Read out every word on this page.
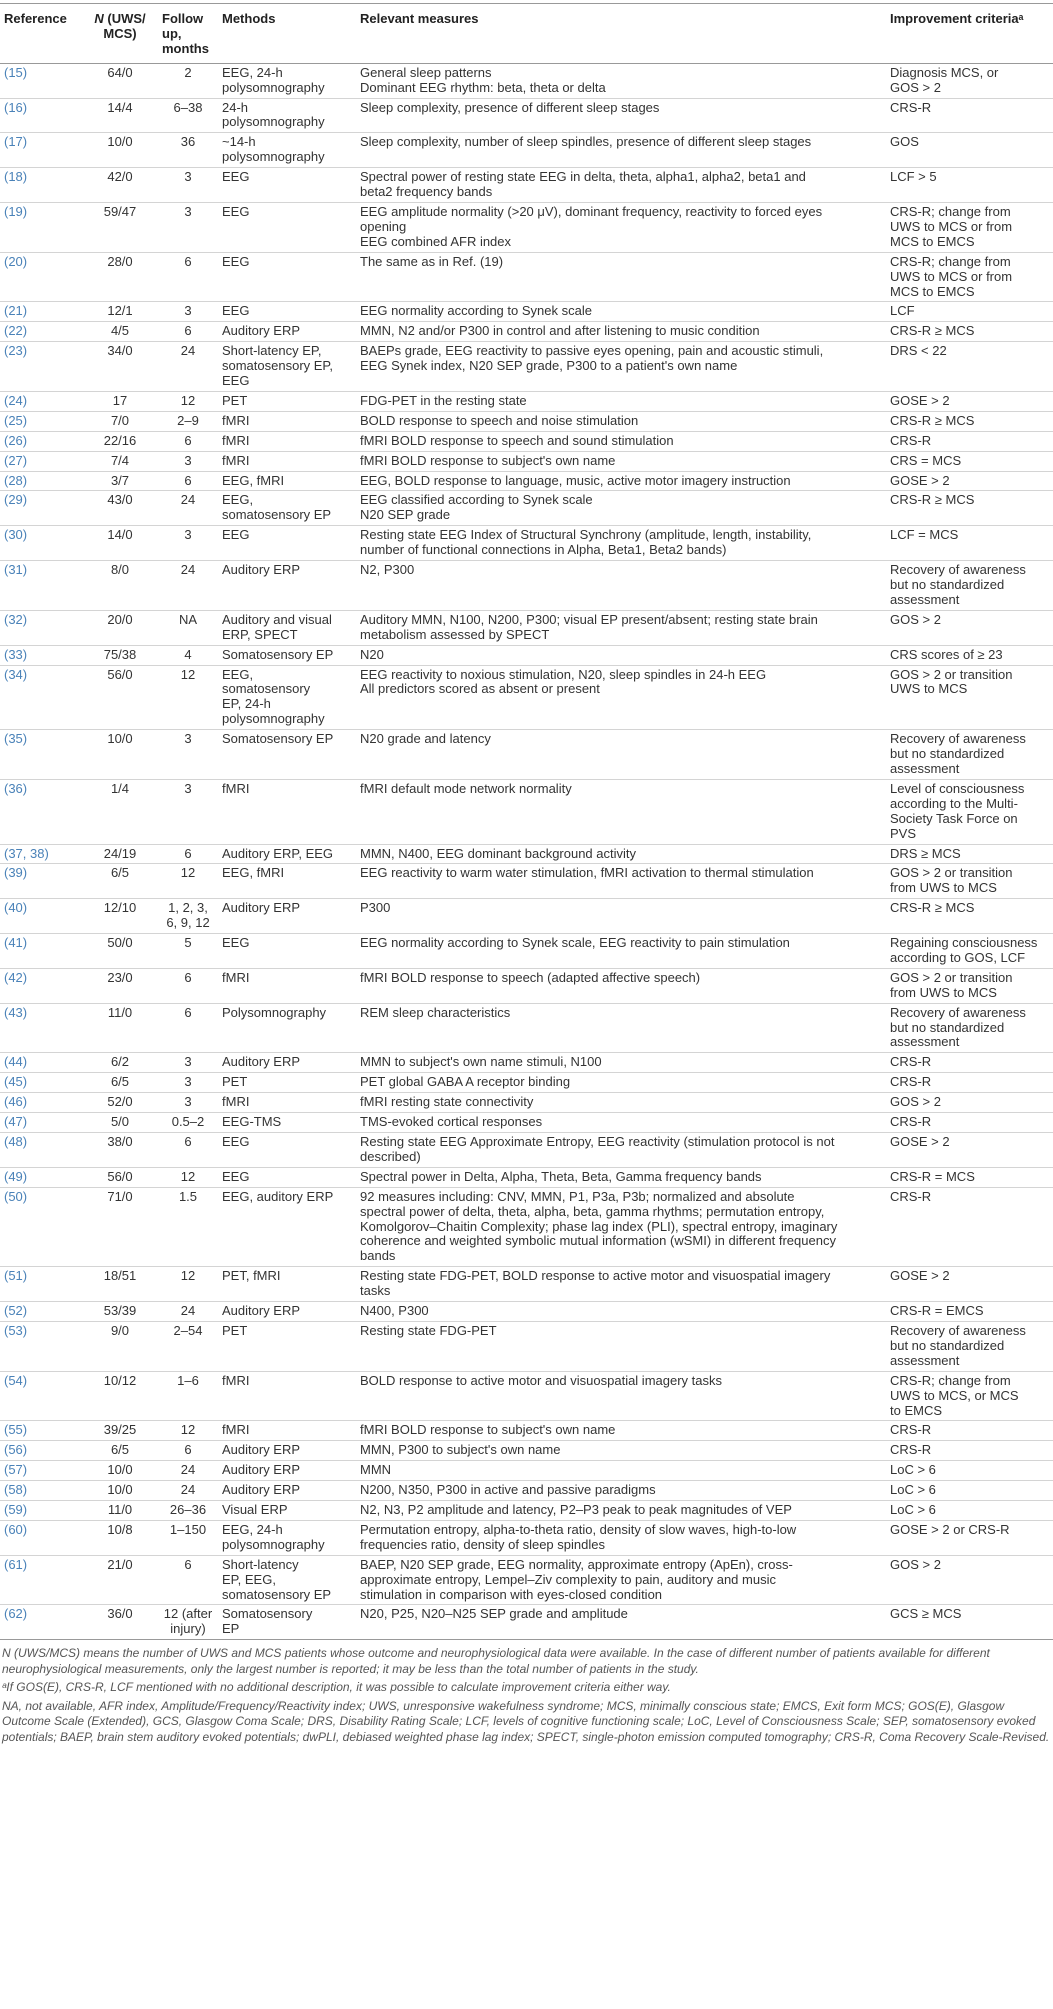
Reference	N (UWS/
MCS)	Follow
up,
months	Methods	Relevant measures	Improvement criteriaᵃ
(15)	64/0	2	EEG, 24-h
polysomnography	General sleep patterns
Dominant EEG rhythm: beta, theta or delta	Diagnosis MCS, or
GOS > 2
(16)	14/4	6–38	24-h
polysomnography	Sleep complexity, presence of different sleep stages	CRS-R
(17)	10/0	36	~14-h
polysomnography	Sleep complexity, number of sleep spindles, presence of different sleep stages	GOS
(18)	42/0	3	EEG	Spectral power of resting state EEG in delta, theta, alpha1, alpha2, beta1 and
beta2 frequency bands	LCF > 5
(19)	59/47	3	EEG	EEG amplitude normality (>20 μV), dominant frequency, reactivity to forced eyes
opening
EEG combined AFR index	CRS-R; change from
UWS to MCS or from
MCS to EMCS
(20)	28/0	6	EEG	The same as in Ref. (19)	CRS-R; change from
UWS to MCS or from
MCS to EMCS
(21)	12/1	3	EEG	EEG normality according to Synek scale	LCF
(22)	4/5	6	Auditory ERP	MMN, N2 and/or P300 in control and after listening to music condition	CRS-R ≥ MCS
(23)	34/0	24	Short-latency EP,
somatosensory EP,
EEG	BAEPs grade, EEG reactivity to passive eyes opening, pain and acoustic stimuli,
EEG Synek index, N20 SEP grade, P300 to a patient's own name	DRS < 22
(24)	17	12	PET	FDG-PET in the resting state	GOSE > 2
(25)	7/0	2–9	fMRI	BOLD response to speech and noise stimulation	CRS-R ≥ MCS
(26)	22/16	6	fMRI	fMRI BOLD response to speech and sound stimulation	CRS-R
(27)	7/4	3	fMRI	fMRI BOLD response to subject's own name	CRS = MCS
(28)	3/7	6	EEG, fMRI	EEG, BOLD response to language, music, active motor imagery instruction	GOSE > 2
(29)	43/0	24	EEG,
somatosensory EP	EEG classified according to Synek scale
N20 SEP grade	CRS-R ≥ MCS
(30)	14/0	3	EEG	Resting state EEG Index of Structural Synchrony (amplitude, length, instability,
number of functional connections in Alpha, Beta1, Beta2 bands)	LCF = MCS
(31)	8/0	24	Auditory ERP	N2, P300	Recovery of awareness
but no standardized
assessment
(32)	20/0	NA	Auditory and visual
ERP, SPECT	Auditory MMN, N100, N200, P300; visual EP present/absent; resting state brain
metabolism assessed by SPECT	GOS > 2
(33)	75/38	4	Somatosensory EP	N20	CRS scores of ≥ 23
(34)	56/0	12	EEG,
somatosensory
EP, 24-h
polysomnography	EEG reactivity to noxious stimulation, N20, sleep spindles in 24-h EEG
All predictors scored as absent or present	GOS > 2 or transition
UWS to MCS
(35)	10/0	3	Somatosensory EP	N20 grade and latency	Recovery of awareness
but no standardized
assessment
(36)	1/4	3	fMRI	fMRI default mode network normality	Level of consciousness
according to the Multi-
Society Task Force on
PVS
(37, 38)	24/19	6	Auditory ERP, EEG	MMN, N400, EEG dominant background activity	DRS ≥ MCS
(39)	6/5	12	EEG, fMRI	EEG reactivity to warm water stimulation, fMRI activation to thermal stimulation	GOS > 2 or transition
from UWS to MCS
(40)	12/10	1, 2, 3,
6, 9, 12	Auditory ERP	P300	CRS-R ≥ MCS
(41)	50/0	5	EEG	EEG normality according to Synek scale, EEG reactivity to pain stimulation	Regaining consciousness
according to GOS, LCF
(42)	23/0	6	fMRI	fMRI BOLD response to speech (adapted affective speech)	GOS > 2 or transition
from UWS to MCS
(43)	11/0	6	Polysomnography	REM sleep characteristics	Recovery of awareness
but no standardized
assessment
(44)	6/2	3	Auditory ERP	MMN to subject's own name stimuli, N100	CRS-R
(45)	6/5	3	PET	PET global GABA A receptor binding	CRS-R
(46)	52/0	3	fMRI	fMRI resting state connectivity	GOS > 2
(47)	5/0	0.5–2	EEG-TMS	TMS-evoked cortical responses	CRS-R
(48)	38/0	6	EEG	Resting state EEG Approximate Entropy, EEG reactivity (stimulation protocol is not
described)	GOSE > 2
(49)	56/0	12	EEG	Spectral power in Delta, Alpha, Theta, Beta, Gamma frequency bands	CRS-R = MCS
(50)	71/0	1.5	EEG, auditory ERP	92 measures including: CNV, MMN, P1, P3a, P3b; normalized and absolute
spectral power of delta, theta, alpha, beta, gamma rhythms; permutation entropy,
Komolgorov–Chaitin Complexity; phase lag index (PLI), spectral entropy, imaginary
coherence and weighted symbolic mutual information (wSMI) in different frequency
bands	CRS-R
(51)	18/51	12	PET, fMRI	Resting state FDG-PET, BOLD response to active motor and visuospatial imagery
tasks	GOSE > 2
(52)	53/39	24	Auditory ERP	N400, P300	CRS-R = EMCS
(53)	9/0	2–54	PET	Resting state FDG-PET	Recovery of awareness
but no standardized
assessment
(54)	10/12	1–6	fMRI	BOLD response to active motor and visuospatial imagery tasks	CRS-R; change from
UWS to MCS, or MCS
to EMCS
(55)	39/25	12	fMRI	fMRI BOLD response to subject's own name	CRS-R
(56)	6/5	6	Auditory ERP	MMN, P300 to subject's own name	CRS-R
(57)	10/0	24	Auditory ERP	MMN	LoC > 6
(58)	10/0	24	Auditory ERP	N200, N350, P300 in active and passive paradigms	LoC > 6
(59)	11/0	26–36	Visual ERP	N2, N3, P2 amplitude and latency, P2–P3 peak to peak magnitudes of VEP	LoC > 6
(60)	10/8	1–150	EEG, 24-h
polysomnography	Permutation entropy, alpha-to-theta ratio, density of slow waves, high-to-low
frequencies ratio, density of sleep spindles	GOSE > 2 or CRS-R
(61)	21/0	6	Short-latency
EP, EEG,
somatosensory EP	BAEP, N20 SEP grade, EEG normality, approximate entropy (ApEn), cross-
approximate entropy, Lempel–Ziv complexity to pain, auditory and music
stimulation in comparison with eyes-closed condition	GOS > 2
(62)	36/0	12 (after
injury)	Somatosensory
EP	N20, P25, N20–N25 SEP grade and amplitude	GCS ≥ MCS

N (UWS/MCS) means the number of UWS and MCS patients whose outcome and neurophysiological data were available. In the case of different number of patients available for different neurophysiological measurements, only the largest number is reported; it may be less than the total number of patients in the study.

ᵃIf GOS(E), CRS-R, LCF mentioned with no additional description, it was possible to calculate improvement criteria either way.

NA, not available, AFR index, Amplitude/Frequency/Reactivity index; UWS, unresponsive wakefulness syndrome; MCS, minimally conscious state; EMCS, Exit form MCS; GOS(E), Glasgow Outcome Scale (Extended), GCS, Glasgow Coma Scale; DRS, Disability Rating Scale; LCF, levels of cognitive functioning scale; LoC, Level of Consciousness Scale; SEP, somatosensory evoked potentials; BAEP, brain stem auditory evoked potentials; dwPLI, debiased weighted phase lag index; SPECT, single-photon emission computed tomography; CRS-R, Coma Recovery Scale-Revised.
